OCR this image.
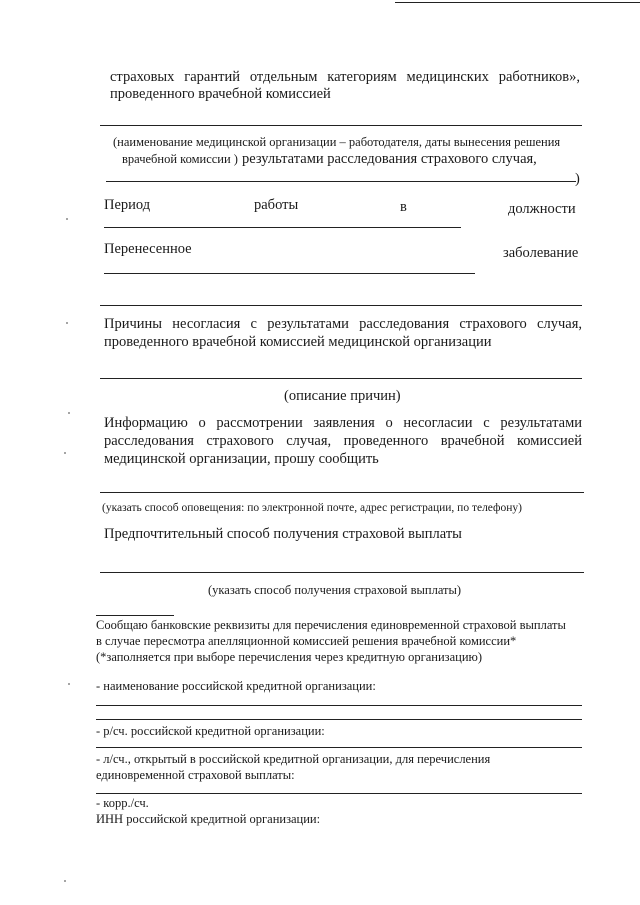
страховых гарантий отдельным категориям медицинских работников»,
проведенного врачебной комиссией
(наименование медицинской организации – работодателя, даты вынесения решения
врачебной комиссии ) результатами расследования страхового случая,
)
Период	работы	в	должности
Перенесенное	заболевание
Причины несогласия с результатами расследования страхового случая,
проведенного врачебной комиссией медицинской организации
(описание причин)
Информацию о рассмотрении заявления о несогласии с результатами
расследования страхового случая, проведенного врачебной комиссией
медицинской организации, прошу сообщить
(указать способ оповещения: по электронной почте, адрес регистрации, по телефону)
Предпочтительный способ получения страховой выплаты
(указать способ получения страховой выплаты)
Сообщаю банковские реквизиты для перечисления единовременной страховой выплаты
в случае пересмотра апелляционной комиссией решения врачебной комиссии*
(*заполняется при выборе перечисления через кредитную организацию)
- наименование российской кредитной организации:
- р/сч. российской кредитной организации:
- л/сч., открытый в российской кредитной организации, для перечисления
единовременной страховой выплаты:
- корр./сч.
ИНН российской кредитной организации:
